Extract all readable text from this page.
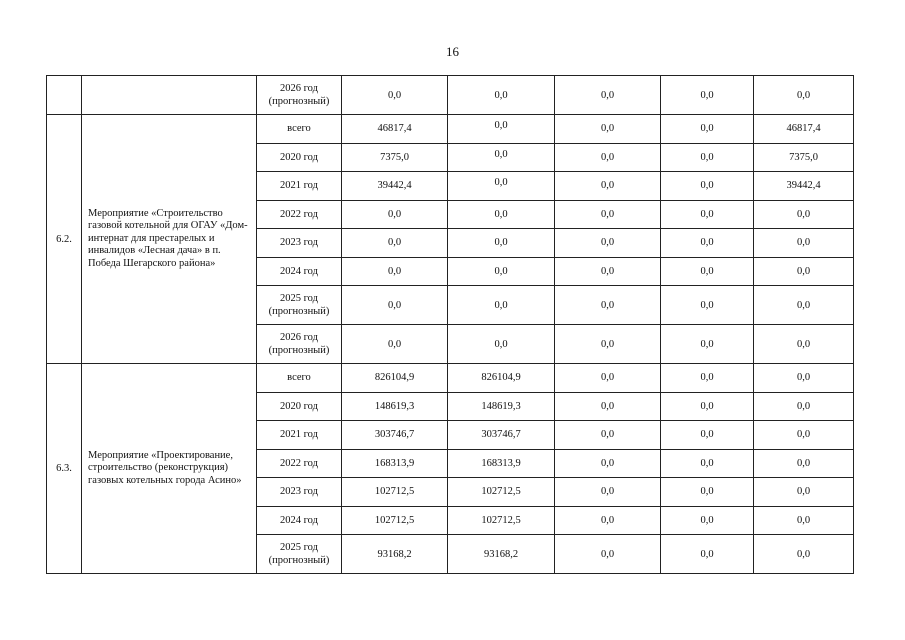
16

		2026 год
(прогнозный)	0,0	0,0	0,0	0,0	0,0
6.2.	Мероприятие «Строительство газовой котельной для ОГАУ «Дом-интернат для престарелых и инвалидов «Лесная дача» в п. Победа Шегарского района»	всего	46817,4	0,0	0,0	0,0	46817,4
		2020 год	7375,0	0,0	0,0	0,0	7375,0
		2021 год	39442,4	0,0	0,0	0,0	39442,4
		2022 год	0,0	0,0	0,0	0,0	0,0
		2023 год	0,0	0,0	0,0	0,0	0,0
		2024 год	0,0	0,0	0,0	0,0	0,0

		2025 год
(прогнозный)	0,0	0,0	0,0	0,0	0,0

		2026 год
(прогнозный)	0,0	0,0	0,0	0,0	0,0
6.3.	Мероприятие «Проектирование, строительство (реконструкция) газовых котельных города Асино»	всего	826104,9	826104,9	0,0	0,0	0,0
		2020 год	148619,3	148619,3	0,0	0,0	0,0
		2021 год	303746,7	303746,7	0,0	0,0	0,0
		2022 год	168313,9	168313,9	0,0	0,0	0,0
		2023 год	102712,5	102712,5	0,0	0,0	0,0
		2024 год	102712,5	102712,5	0,0	0,0	0,0

		2025 год
(прогнозный)	93168,2	93168,2	0,0	0,0	0,0
